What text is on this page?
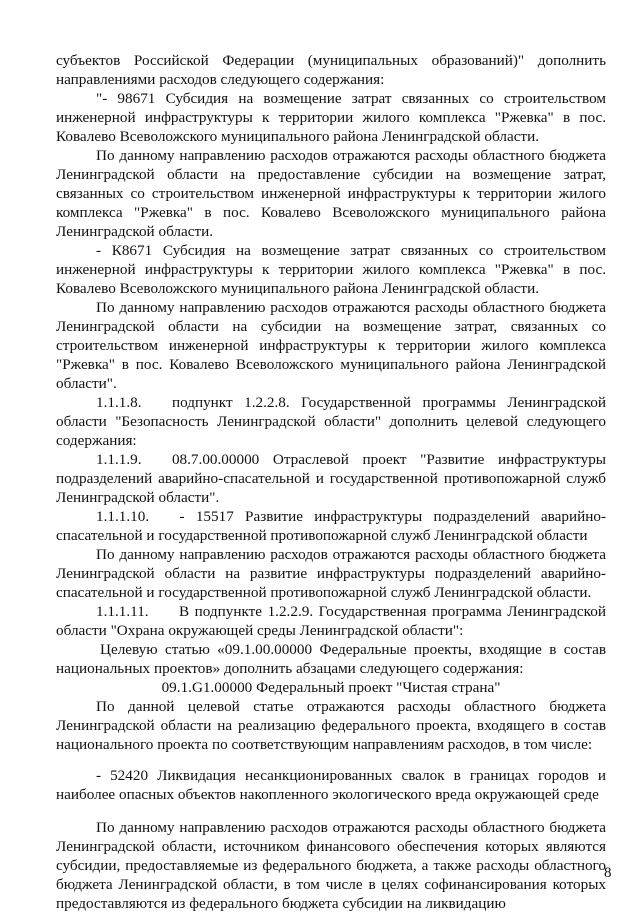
субъектов Российской Федерации (муниципальных образований)" дополнить направлениями расходов следующего содержания:
"- 98671 Субсидия на возмещение затрат связанных со строительством инженерной инфраструктуры к территории жилого комплекса "Ржевка" в пос. Ковалево Всеволожского муниципального района Ленинградской области.
По данному направлению расходов отражаются расходы областного бюджета Ленинградской области на предоставление субсидии на возмещение затрат, связанных со строительством инженерной инфраструктуры к территории жилого комплекса "Ржевка" в пос. Ковалево Всеволожского муниципального района Ленинградской области.
- К8671 Субсидия на возмещение затрат связанных со строительством инженерной инфраструктуры к территории жилого комплекса "Ржевка" в пос. Ковалево Всеволожского муниципального района Ленинградской области.
По данному направлению расходов отражаются расходы областного бюджета Ленинградской области на субсидии на возмещение затрат, связанных со строительством инженерной инфраструктуры к территории жилого комплекса "Ржевка" в пос. Ковалево Всеволожского муниципального района Ленинградской области".
1.1.1.8.  подпункт 1.2.2.8. Государственной программы Ленинградской области "Безопасность Ленинградской области" дополнить целевой следующего содержания:
1.1.1.9.  08.7.00.00000 Отраслевой проект "Развитие инфраструктуры подразделений аварийно-спасательной и государственной противопожарной служб Ленинградской области".
1.1.1.10.  - 15517 Развитие инфраструктуры подразделений аварийно-спасательной и государственной противопожарной служб Ленинградской области
По данному направлению расходов отражаются расходы областного бюджета Ленинградской области на развитие инфраструктуры подразделений аварийно-спасательной и государственной противопожарной служб Ленинградской области.
1.1.1.11.  В подпункте 1.2.2.9. Государственная программа Ленинградской области "Охрана окружающей среды Ленинградской области":
Целевую статью «09.1.00.00000 Федеральные проекты, входящие в состав национальных проектов» дополнить абзацами следующего содержания:
09.1.G1.00000 Федеральный проект "Чистая страна"
По данной целевой статье отражаются расходы областного бюджета Ленинградской области на реализацию федерального проекта, входящего в состав национального проекта по соответствующим направлениям расходов, в том числе:
- 52420 Ликвидация несанкционированных свалок в границах городов и наиболее опасных объектов накопленного экологического вреда окружающей среде
По данному направлению расходов отражаются расходы областного бюджета Ленинградской области, источником финансового обеспечения которых являются субсидии, предоставляемые из федерального бюджета, а также расходы областного бюджета Ленинградской области, в том числе в целях софинансирования которых предоставляются из федерального бюджета субсидии на ликвидацию
8
